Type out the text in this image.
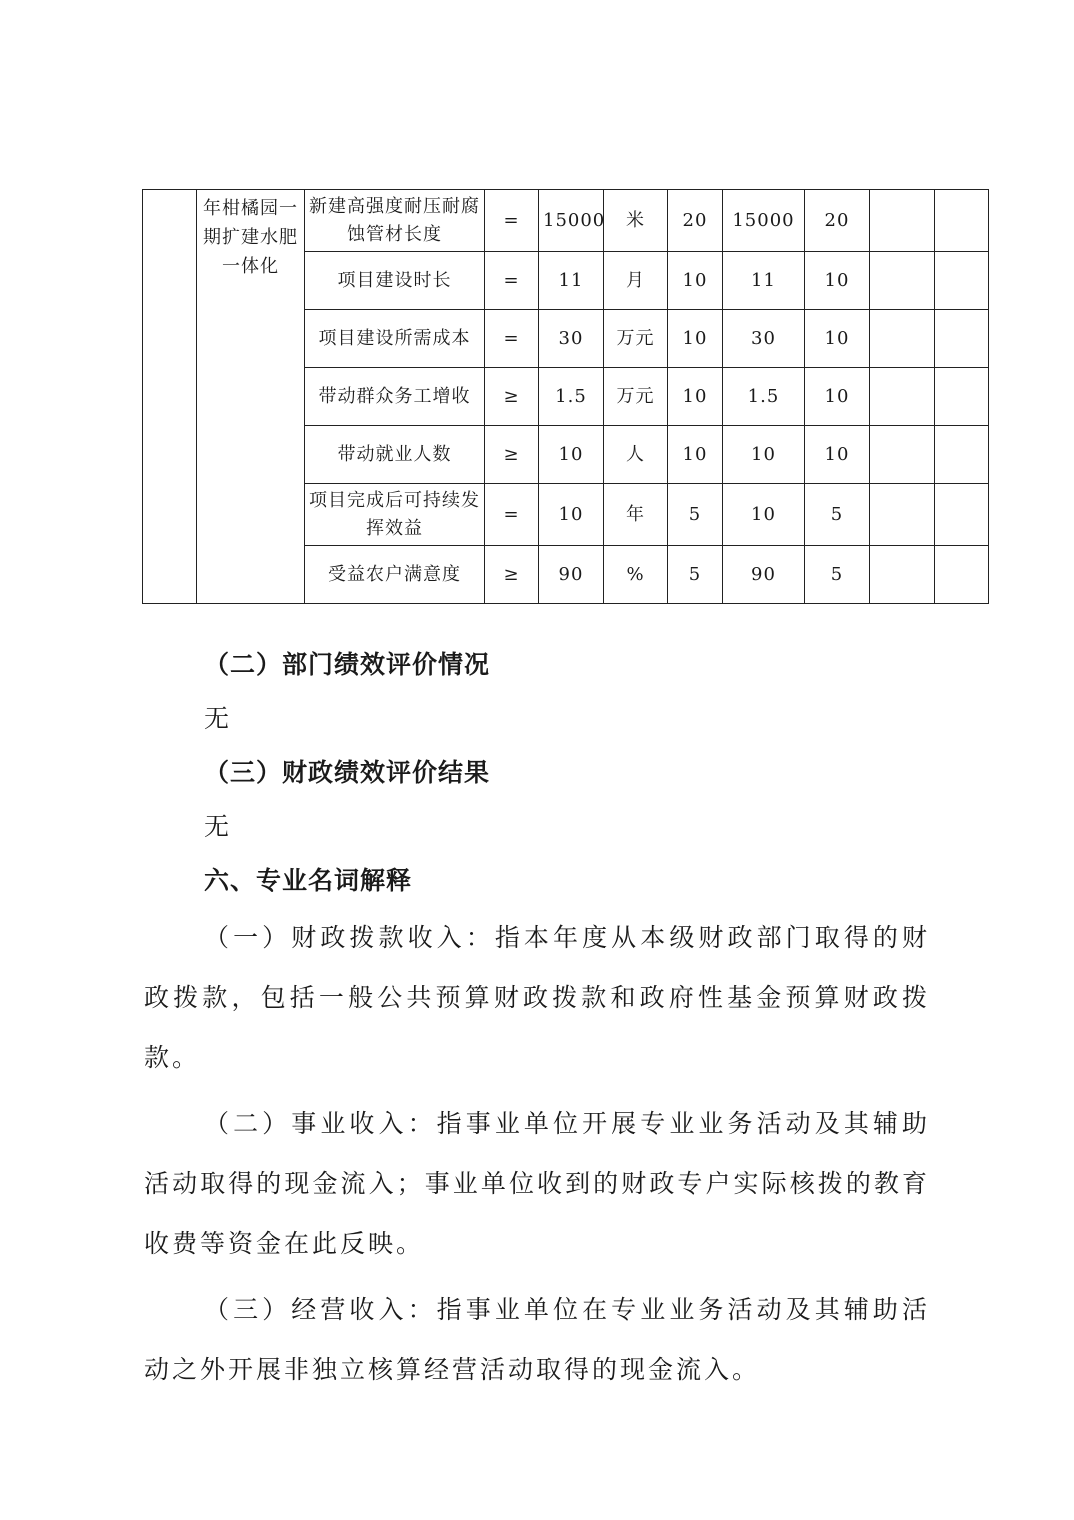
	年柑橘园一期扩建水肥一体化	新建高强度耐压耐腐蚀管材长度	=	15000	米	20	15000	20		
		项目建设时长	=	11	月	10	11	10		
		项目建设所需成本	=	30	万元	10	30	10		
		带动群众务工增收	≥	1.5	万元	10	1.5	10		
		带动就业人数	≥	10	人	10	10	10		
		项目完成后可持续发挥效益	=	10	年	5	10	5		
		受益农户满意度	≥	90	%	5	90	5		

（二）部门绩效评价情况

无

（三）财政绩效评价结果

无

六、专业名词解释

（一）财政拨款收入：指本年度从本级财政部门取得的财政拨款，包括一般公共预算财政拨款和政府性基金预算财政拨款。

（二）事业收入：指事业单位开展专业业务活动及其辅助活动取得的现金流入；事业单位收到的财政专户实际核拨的教育收费等资金在此反映。

（三）经营收入：指事业单位在专业业务活动及其辅助活动之外开展非独立核算经营活动取得的现金流入。
